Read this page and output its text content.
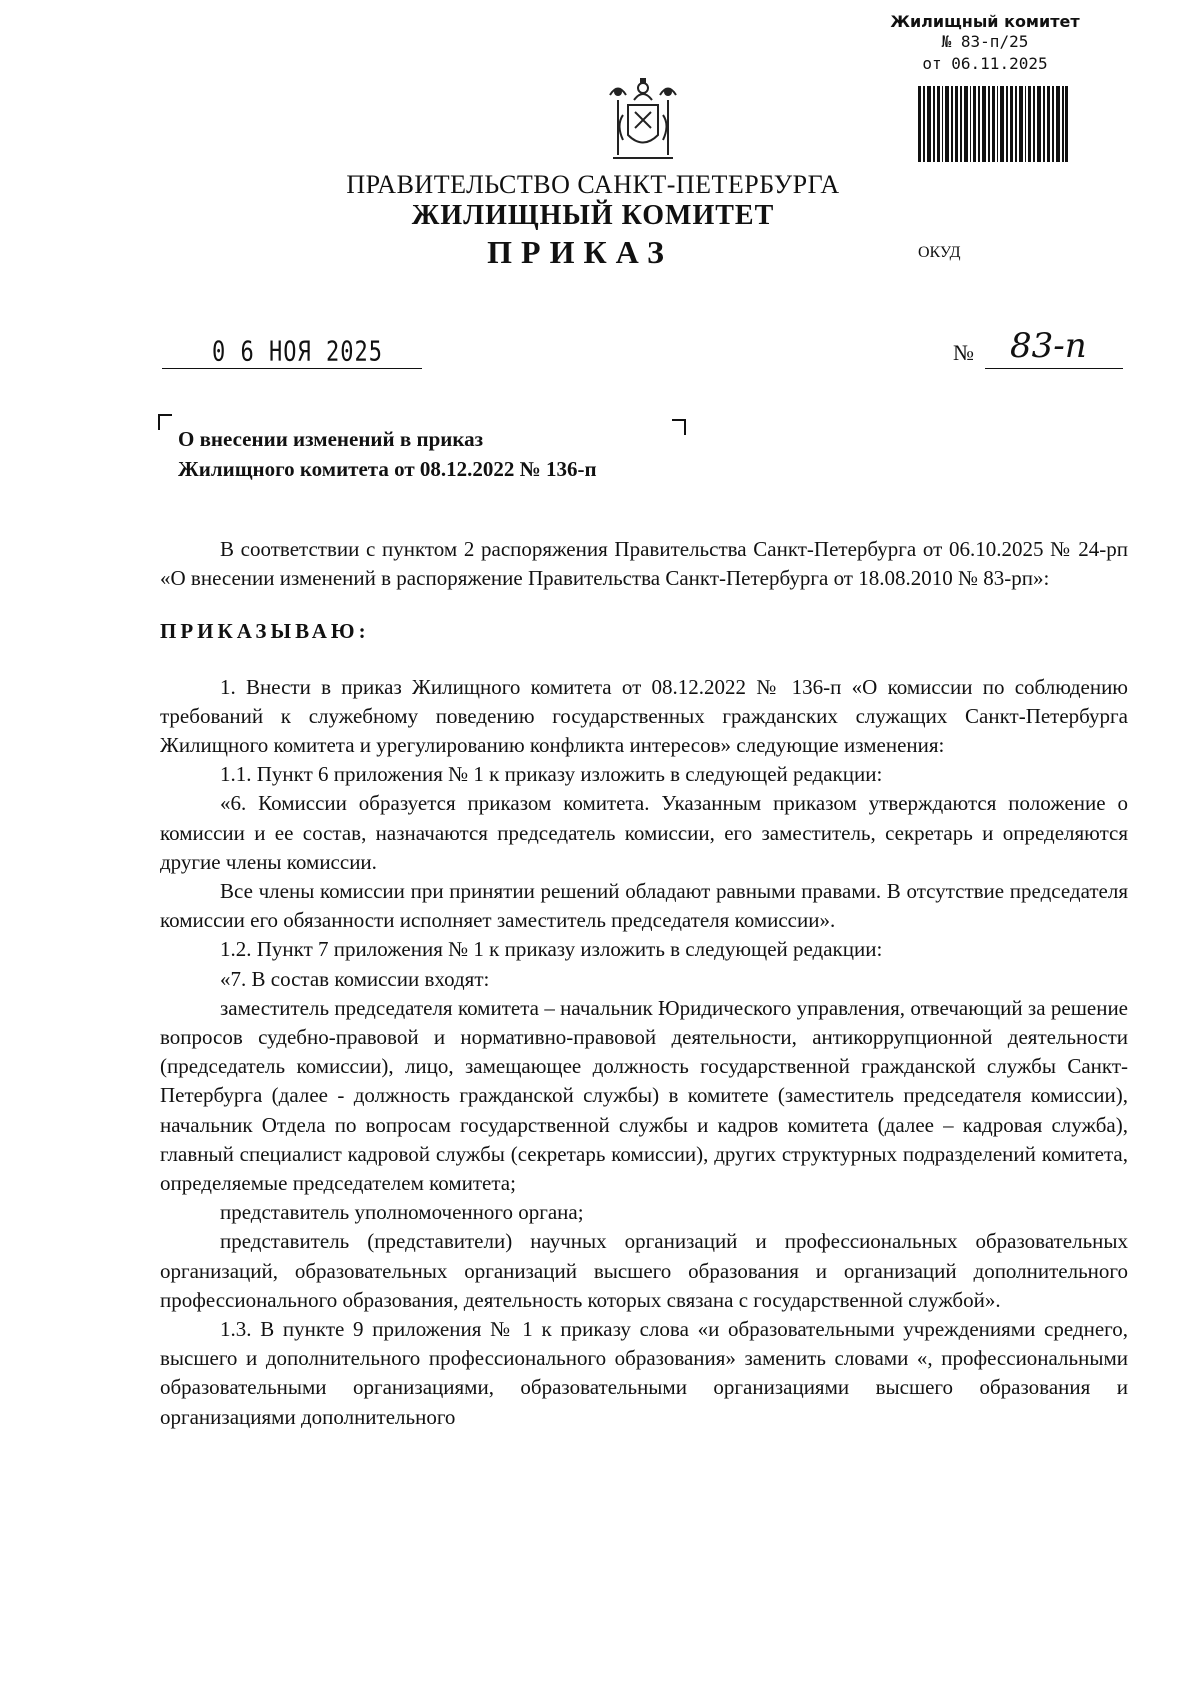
Жилищный комитет
№ 83-п/25
от 06.11.2025
ПРАВИТЕЛЬСТВО САНКТ-ПЕТЕРБУРГА
ЖИЛИЩНЫЙ КОМИТЕТ
ПРИКАЗ	ОКУД
0 6 НОЯ 2025	№ 83-п
О внесении изменений в приказ
Жилищного комитета от 08.12.2022 № 136-п

В соответствии с пунктом 2 распоряжения Правительства Санкт-Петербурга от 06.10.2025 № 24-рп «О внесении изменений в распоряжение Правительства Санкт-Петербурга от 18.08.2010 № 83-рп»:

ПРИКАЗЫВАЮ:

1. Внести в приказ Жилищного комитета от 08.12.2022 № 136-п «О комиссии по соблюдению требований к служебному поведению государственных гражданских служащих Санкт-Петербурга Жилищного комитета и урегулированию конфликта интересов» следующие изменения:

1.1. Пункт 6 приложения № 1 к приказу изложить в следующей редакции:

«6. Комиссии образуется приказом комитета. Указанным приказом утверждаются положение о комиссии и ее состав, назначаются председатель комиссии, его заместитель, секретарь и определяются другие члены комиссии.

Все члены комиссии при принятии решений обладают равными правами. В отсутствие председателя комиссии его обязанности исполняет заместитель председателя комиссии».

1.2. Пункт 7 приложения № 1 к приказу изложить в следующей редакции:

«7. В состав комиссии входят:

заместитель председателя комитета – начальник Юридического управления, отвечающий за решение вопросов судебно-правовой и нормативно-правовой деятельности, антикоррупционной деятельности (председатель комиссии), лицо, замещающее должность государственной гражданской службы Санкт-Петербурга (далее - должность гражданской службы) в комитете (заместитель председателя комиссии), начальник Отдела по вопросам государственной службы и кадров комитета (далее – кадровая служба), главный специалист кадровой службы (секретарь комиссии), других структурных подразделений комитета, определяемые председателем комитета;

представитель уполномоченного органа;

представитель (представители) научных организаций и профессиональных образовательных организаций, образовательных организаций высшего образования и организаций дополнительного профессионального образования, деятельность которых связана с государственной службой».

1.3. В пункте 9 приложения № 1 к приказу слова «и образовательными учреждениями среднего, высшего и дополнительного профессионального образования» заменить словами «, профессиональными образовательными организациями, образовательными организациями высшего образования и организациями дополнительного
